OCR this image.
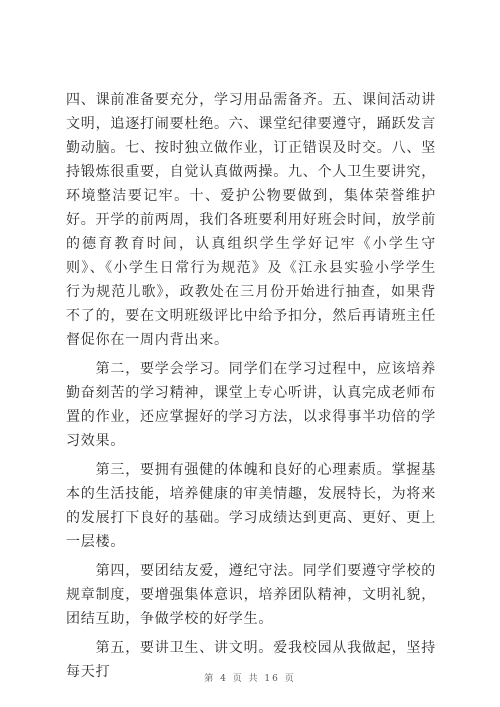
四、课前准备要充分，学习用品需备齐。五、课间活动讲文明，追逐打闹要杜绝。六、课堂纪律要遵守，踊跃发言勤动脑。七、按时独立做作业，订正错误及时交。八、坚持锻炼很重要，自觉认真做两操。九、个人卫生要讲究，环境整洁要记牢。十、爱护公物要做到，集体荣誉维护好。开学的前两周，我们各班要利用好班会时间，放学前的德育教育时间，认真组织学生学好记牢《小学生守则》、《小学生日常行为规范》及《江永县实验小学学生行为规范儿歌》，政教处在三月份开始进行抽查，如果背不了的，要在文明班级评比中给予扣分，然后再请班主任督促你在一周内背出来。

　　第二，要学会学习。同学们在学习过程中，应该培养勤奋刻苦的学习精神，课堂上专心听讲，认真完成老师布置的作业，还应掌握好的学习方法，以求得事半功倍的学习效果。

　　第三，要拥有强健的体魄和良好的心理素质。掌握基本的生活技能，培养健康的审美情趣，发展特长，为将来的发展打下良好的基础。学习成绩达到更高、更好、更上一层楼。

　　第四，要团结友爱，遵纪守法。同学们要遵守学校的规章制度，要增强集体意识，培养团队精神，文明礼貌，团结互助，争做学校的好学生。

　　第五，要讲卫生、讲文明。爱我校园从我做起，坚持每天打	第 4 页 共 16 页
